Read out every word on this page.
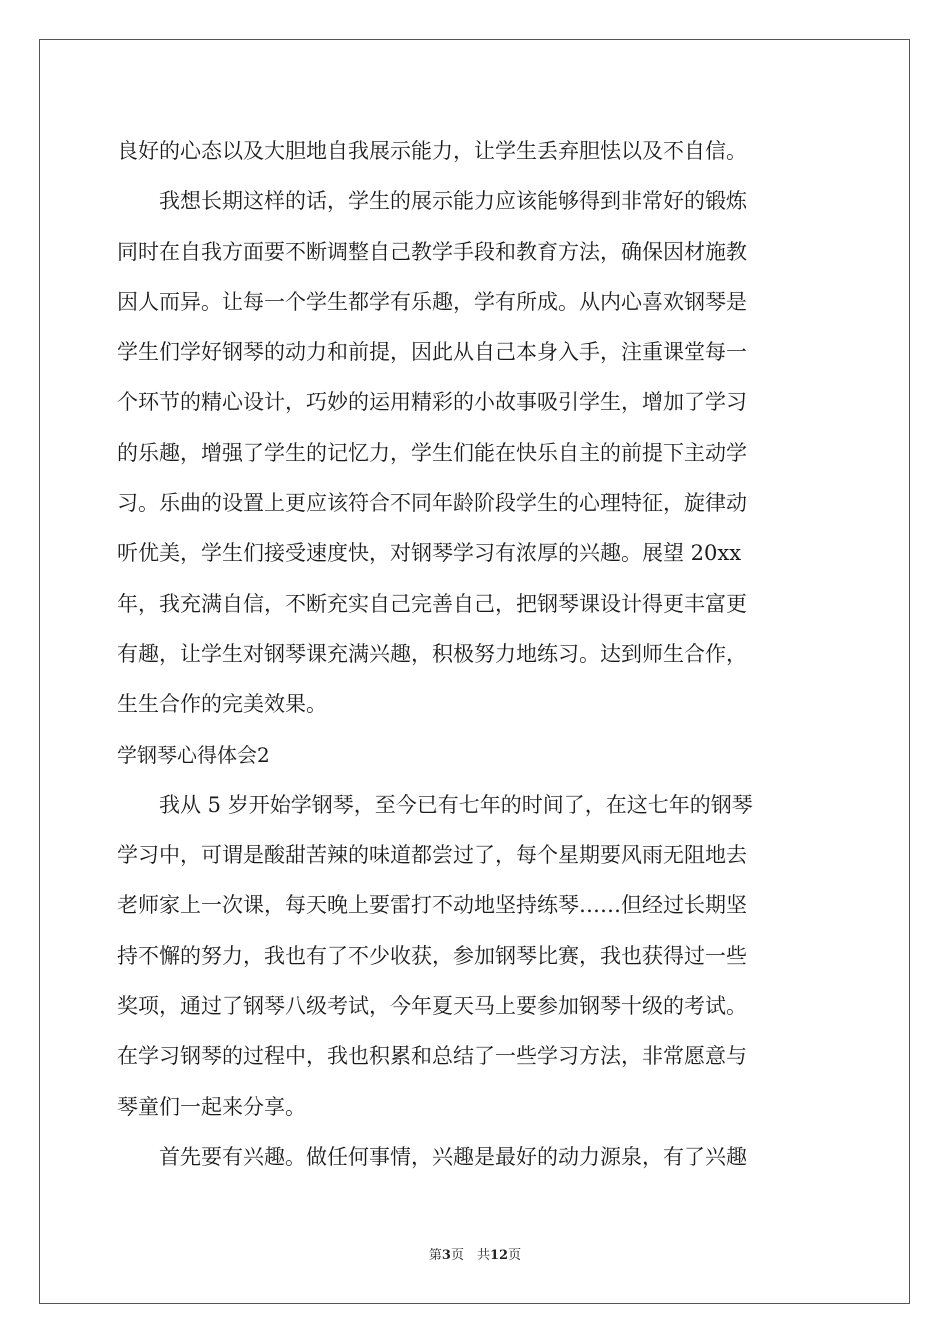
良好的心态以及大胆地自我展示能力，让学生丢弃胆怯以及不自信。
我想长期这样的话，学生的展示能力应该能够得到非常好的锻炼
同时在自我方面要不断调整自己教学手段和教育方法，确保因材施教
因人而异。让每一个学生都学有乐趣，学有所成。从内心喜欢钢琴是
学生们学好钢琴的动力和前提，因此从自己本身入手，注重课堂每一
个环节的精心设计，巧妙的运用精彩的小故事吸引学生，增加了学习
的乐趣，增强了学生的记忆力，学生们能在快乐自主的前提下主动学
习。乐曲的设置上更应该符合不同年龄阶段学生的心理特征，旋律动
听优美，学生们接受速度快，对钢琴学习有浓厚的兴趣。展望 20xx
年，我充满自信，不断充实自己完善自己，把钢琴课设计得更丰富更
有趣，让学生对钢琴课充满兴趣，积极努力地练习。达到师生合作，
生生合作的完美效果。
学钢琴心得体会2
我从 5 岁开始学钢琴，至今已有七年的时间了，在这七年的钢琴
学习中，可谓是酸甜苦辣的味道都尝过了，每个星期要风雨无阻地去
老师家上一次课，每天晚上要雷打不动地坚持练琴……但经过长期坚
持不懈的努力，我也有了不少收获，参加钢琴比赛，我也获得过一些
奖项，通过了钢琴八级考试，今年夏天马上要参加钢琴十级的考试。
在学习钢琴的过程中，我也积累和总结了一些学习方法，非常愿意与
琴童们一起来分享。
首先要有兴趣。做任何事情，兴趣是最好的动力源泉，有了兴趣
第3页　共12页
